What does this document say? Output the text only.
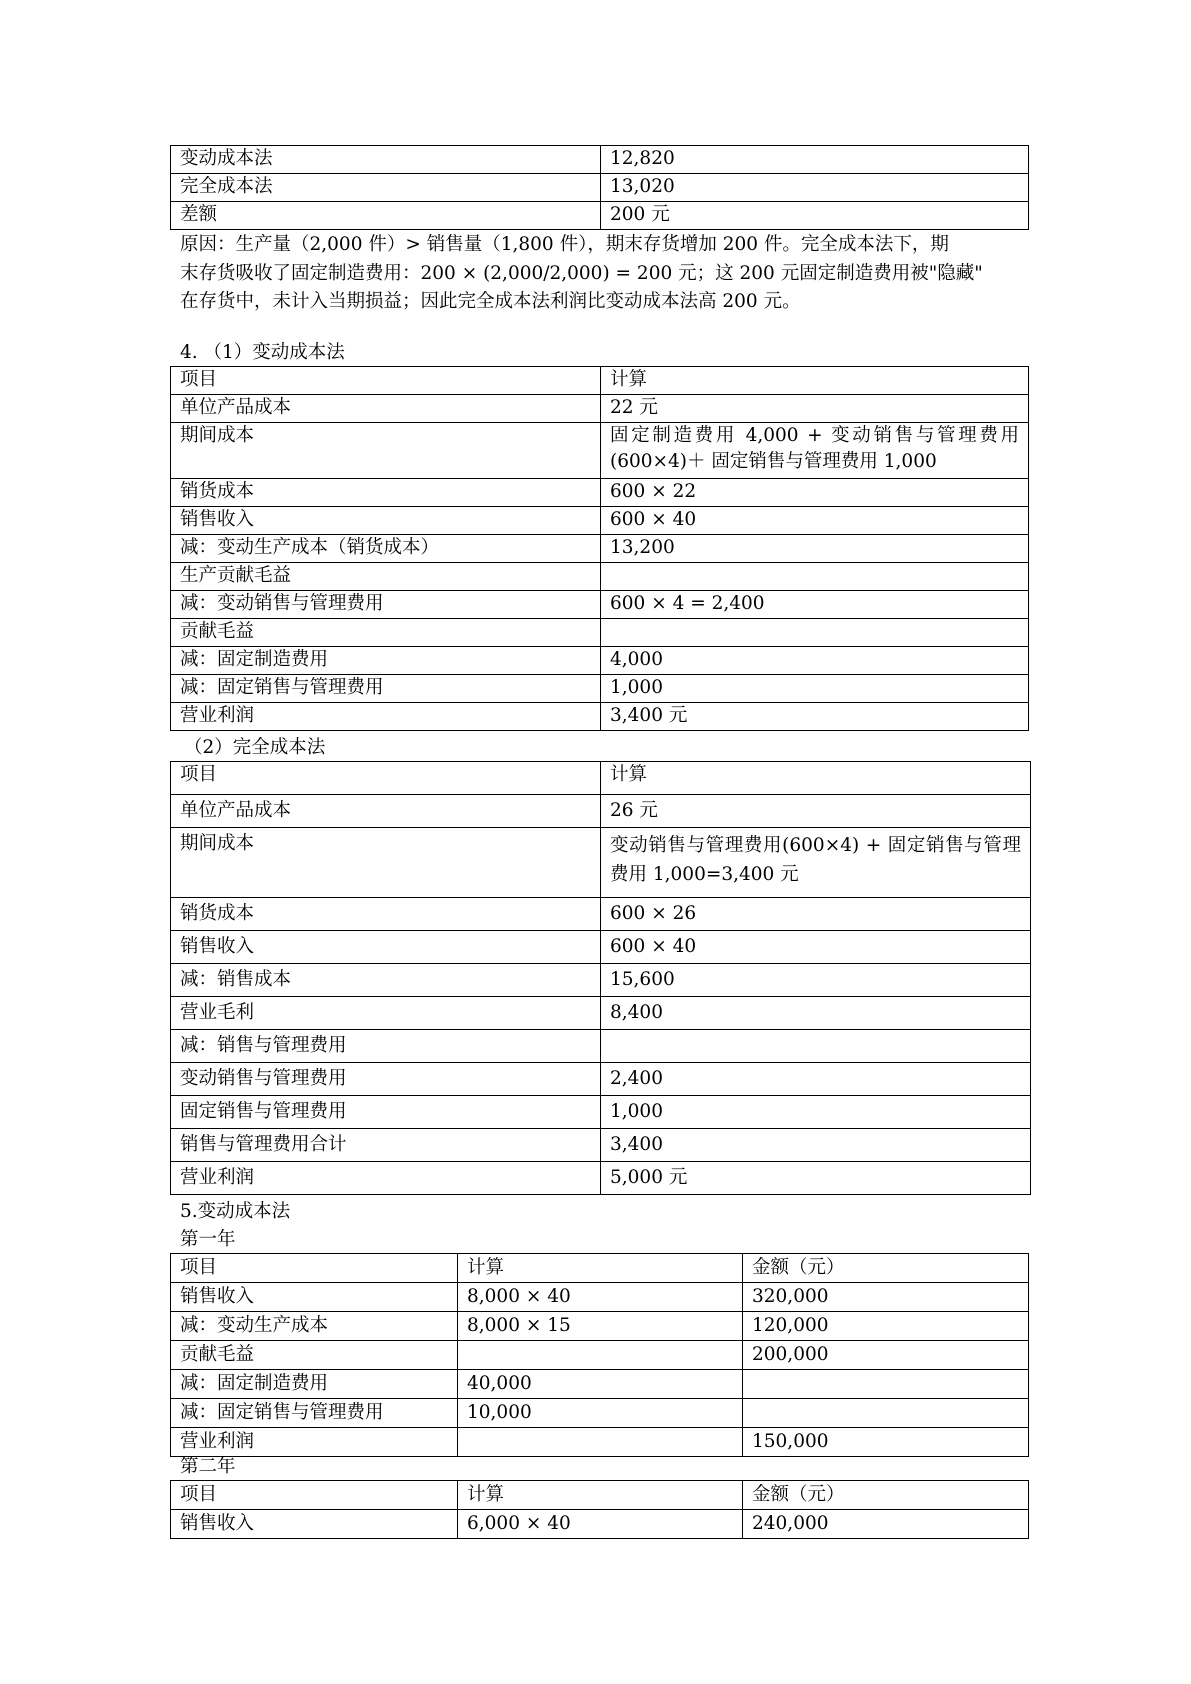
变动成本法	12,820
完全成本法	13,020
差额	200 元
原因：生产量（2,000 件）> 销售量（1,800 件），期末存货增加 200 件。完全成本法下，期
末存货吸收了固定制造费用：200 × (2,000/2,000) = 200 元；这 200 元固定制造费用被"隐藏"
在存货中，未计入当期损益；因此完全成本法利润比变动成本法高 200 元。

4. （1）变动成本法

项目	计算
单位产品成本	22 元
期间成本	固定制造费用 4,000 + 变动销售与管理费用 (600×4)＋ 固定销售与管理费用 1,000
销货成本	600 × 22
销售收入	600 × 40
减：变动生产成本（销货成本）	13,200
生产贡献毛益	
减：变动销售与管理费用	600 × 4 = 2,400
贡献毛益	
减：固定制造费用	4,000
减：固定销售与管理费用	1,000
营业利润	3,400 元

（2）完全成本法

项目	计算
单位产品成本	26 元
期间成本	变动销售与管理费用(600×4) + 固定销售与管理费用 1,000=3,400 元
销货成本	600 × 26
销售收入	600 × 40
减：销售成本	15,600
营业毛利	8,400
减：销售与管理费用	
变动销售与管理费用	2,400
固定销售与管理费用	1,000
销售与管理费用合计	3,400
营业利润	5,000 元

5.变动成本法

第一年

项目	计算	金额（元）
销售收入	8,000 × 40	320,000
减：变动生产成本	8,000 × 15	120,000
贡献毛益		200,000
减：固定制造费用	40,000	
减：固定销售与管理费用	10,000	
营业利润		150,000

第二年

项目	计算	金额（元）
销售收入	6,000 × 40	240,000
